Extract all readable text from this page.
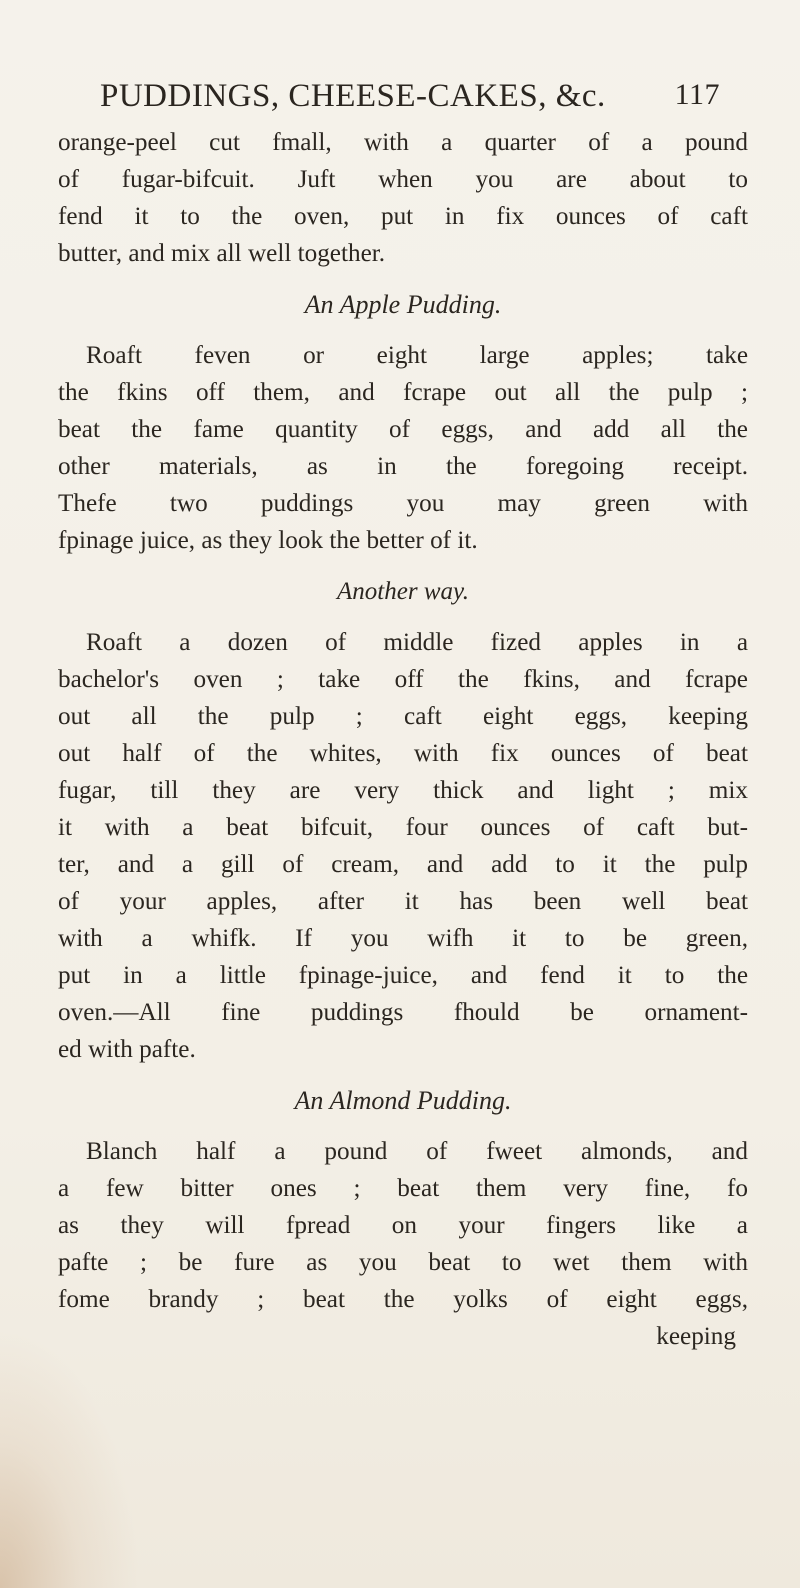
PUDDINGS, CHEESE-CAKES, &c. 117
orange-peel cut fmall, with a quarter of a pound
of fugar-bifcuit. Juft when you are about to
fend it to the oven, put in fix ounces of caft
butter, and mix all well together.
An Apple Pudding.
Roaft feven or eight large apples; take
the fkins off them, and fcrape out all the pulp ;
beat the fame quantity of eggs, and add all the
other materials, as in the foregoing receipt.
Thefe two puddings you may green with
fpinage juice, as they look the better of it.
Another way.
Roaft a dozen of middle fized apples in a
bachelor's oven ; take off the fkins, and fcrape
out all the pulp ; caft eight eggs, keeping
out half of the whites, with fix ounces of beat
fugar, till they are very thick and light ; mix
it with a beat bifcuit, four ounces of caft but-
ter, and a gill of cream, and add to it the pulp
of your apples, after it has been well beat
with a whifk. If you wifh it to be green,
put in a little fpinage-juice, and fend it to the
oven.—All fine puddings fhould be ornament-
ed with pafte.
An Almond Pudding.
Blanch half a pound of fweet almonds, and
a few bitter ones ; beat them very fine, fo
as they will fpread on your fingers like a
pafte ; be fure as you beat to wet them with
fome brandy ; beat the yolks of eight eggs,
keeping
